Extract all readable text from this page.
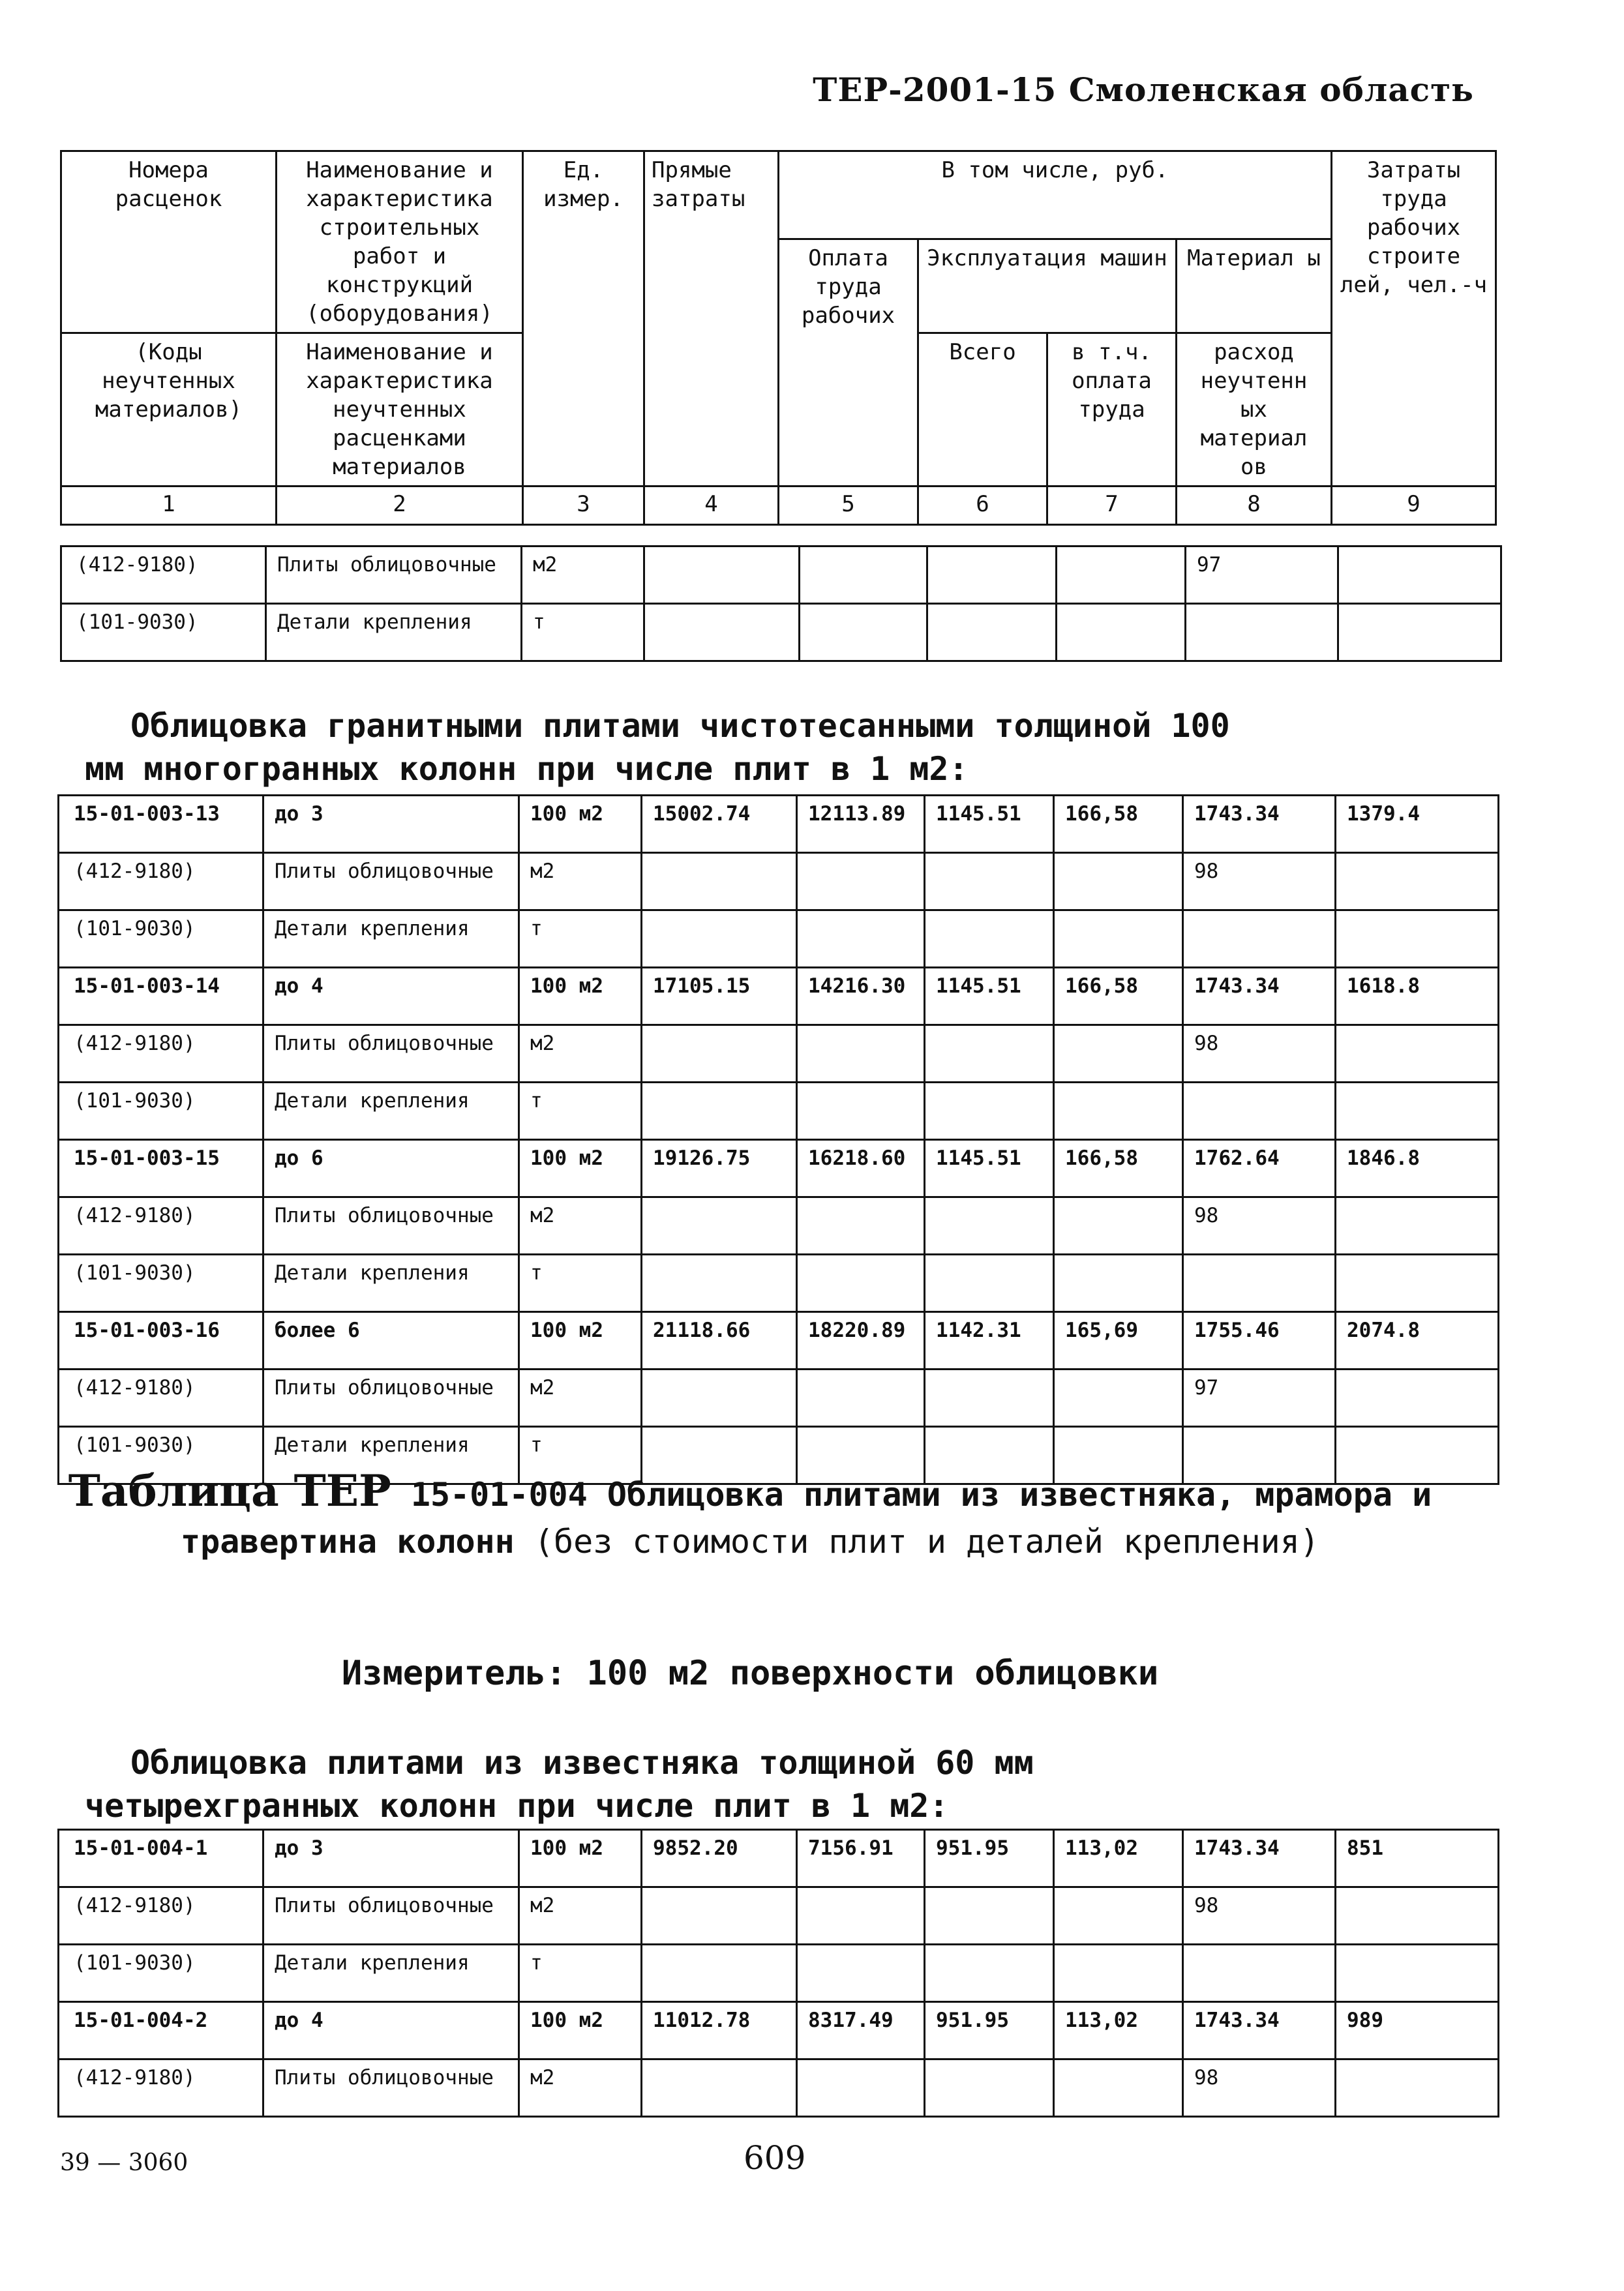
ТЕР-2001-15 Смоленская область
Номера расценок	Наименование и характеристика строительных работ и конструкций (оборудования)	Ед. измер.	Прямые затраты	В том числе, руб.				Затраты труда рабочих строите лей, чел.-ч
				Оплата труда рабочих	Эксплуатация машин		Материал ы	
(Коды неучтенных материалов)	Наименование и характеристика неучтенных расценками материалов				Всего	в т.ч. оплата труда	расход неучтенн ых материал ов	
1	2	3	4	5	6	7	8	9
(412-9180)	Плиты облицовочные	м2					97	
(101-9030)	Детали крепления	т						

Облицовка гранитными плитами чистотесанными толщиной 100

мм многогранных колонн при числе плит в 1 м2:

15-01-003-13	до 3	100 м2	15002.74	12113.89	1145.51	166,58	1743.34	1379.4
(412-9180)	Плиты облицовочные	м2					98	
(101-9030)	Детали крепления	т						
15-01-003-14	до 4	100 м2	17105.15	14216.30	1145.51	166,58	1743.34	1618.8
(412-9180)	Плиты облицовочные	м2					98	
(101-9030)	Детали крепления	т						
15-01-003-15	до 6	100 м2	19126.75	16218.60	1145.51	166,58	1762.64	1846.8
(412-9180)	Плиты облицовочные	м2					98	
(101-9030)	Детали крепления	т						
15-01-003-16	более 6	100 м2	21118.66	18220.89	1142.31	165,69	1755.46	2074.8
(412-9180)	Плиты облицовочные	м2					97	
(101-9030)	Детали крепления	т						
Таблица ТЕР 15-01-004 Облицовка плитами из известняка, мрамора и травертина колонн (без стоимости плит и деталей крепления)
Измеритель: 100 м2 поверхности облицовки

Облицовка плитами из известняка толщиной 60 мм

четырехгранных колонн при числе плит в 1 м2:

15-01-004-1	до 3	100 м2	9852.20	7156.91	951.95	113,02	1743.34	851
(412-9180)	Плиты облицовочные	м2					98	
(101-9030)	Детали крепления	т						
15-01-004-2	до 4	100 м2	11012.78	8317.49	951.95	113,02	1743.34	989
(412-9180)	Плиты облицовочные	м2					98	
39 — 3060	609
